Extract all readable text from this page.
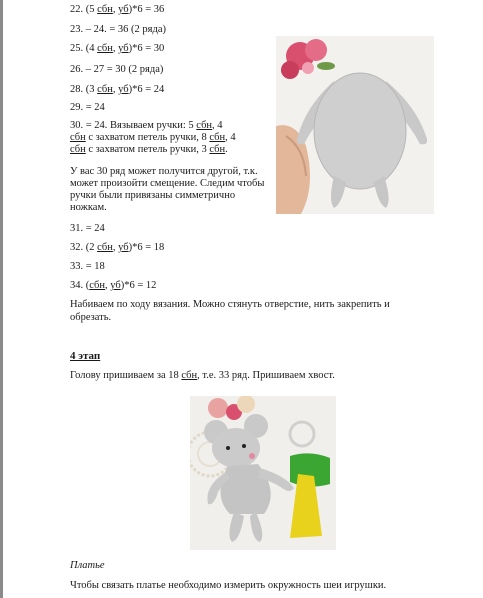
22. (5 сбн, уб)*6 = 36
23. – 24. = 36 (2 ряда)
25. (4 сбн, уб)*6 = 30
26. – 27 = 30 (2 ряда)
28. (3 сбн, уб)*6 = 24
29. = 24
30. = 24. Вязываем ручки: 5 сбн, 4
сбн с захватом петель ручки, 8 сбн, 4
сбн с захватом петель ручки, 3 сбн.
У вас 30 ряд может получится другой, т.к. может произойти смещение. Следим чтобы ручки были привязаны симметрично ножкам.
31. = 24
32. (2 сбн, уб)*6 = 18
33. = 18
34. (сбн, уб)*6 = 12
Набиваем по ходу вязания. Можно стянуть отверстие, нить закрепить и обрезать.
4 этап
Голову пришиваем за 18 сбн, т.е. 33 ряд. Пришиваем хвост.
Платье
Чтобы связать платье необходимо измерить окружность шеи игрушки.
